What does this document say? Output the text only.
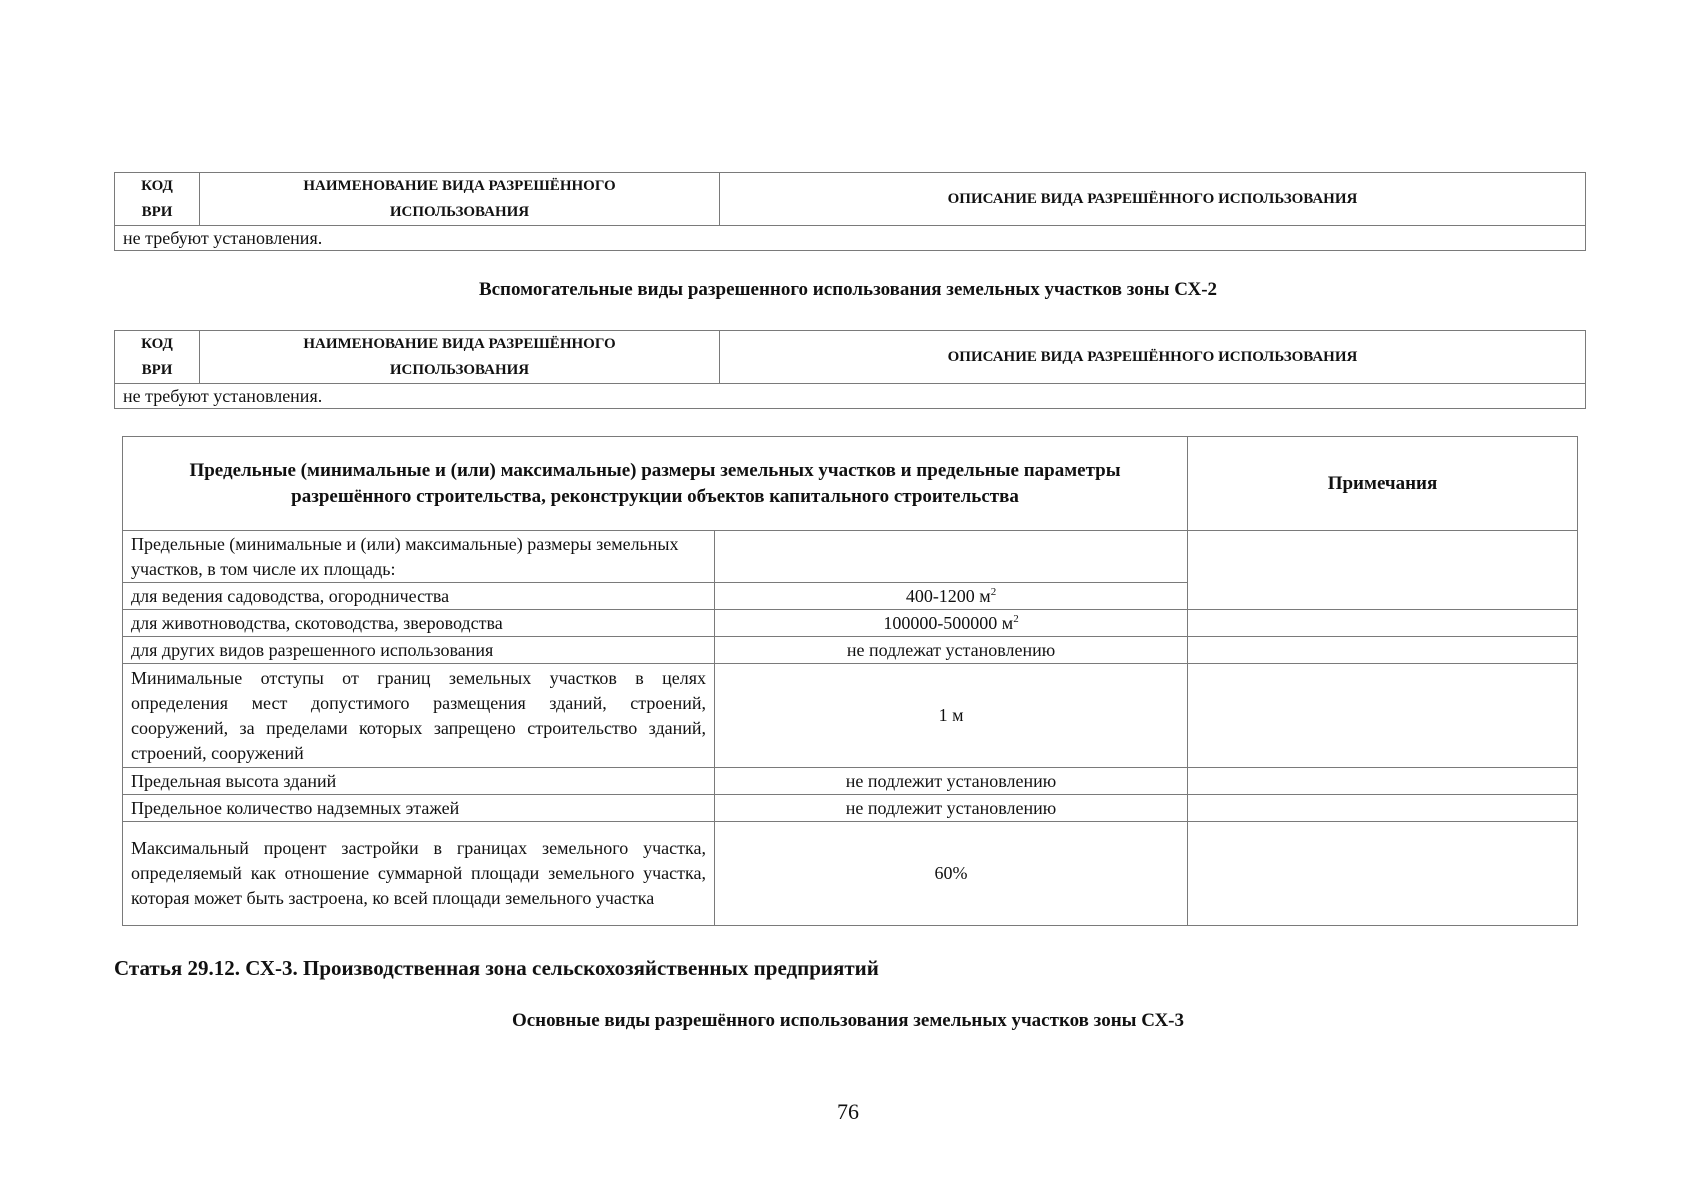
КОД ВРИ	НАИМЕНОВАНИЕ ВИДА РАЗРЕШЁННОГО ИСПОЛЬЗОВАНИЯ	ОПИСАНИЕ ВИДА РАЗРЕШЁННОГО ИСПОЛЬЗОВАНИЯ
не требуют установления.
Вспомогательные виды разрешенного использования земельных участков зоны СХ-2
КОД ВРИ	НАИМЕНОВАНИЕ ВИДА РАЗРЕШЁННОГО ИСПОЛЬЗОВАНИЯ	ОПИСАНИЕ ВИДА РАЗРЕШЁННОГО ИСПОЛЬЗОВАНИЯ
не требуют установления.
Предельные (минимальные и (или) максимальные) размеры земельных участков и предельные параметры разрешённого строительства, реконструкции объектов капитального строительства		Примечания
Предельные (минимальные и (или) максимальные) размеры земельных участков, в том числе их площадь:		
для ведения садоводства, огородничества	400-1200 $м^2$
для животноводства, скотоводства, звероводства	100000-500000 $м^2$	
для других видов разрешенного использования	не подлежат установлению	
Минимальные отступы от границ земельных участков в целях определения мест допустимого размещения зданий, строений, сооружений, за пределами которых запрещено строительство зданий, строений, сооружений	1 м	
Предельная высота зданий	не подлежит установлению	
Предельное количество надземных этажей	не подлежит установлению	
Максимальный процент застройки в границах земельного участка, определяемый как отношение суммарной площади земельного участка, которая может быть застроена, ко всей площади земельного участка	60%	
Статья 29.12. СХ-3. Производственная зона сельскохозяйственных предприятий
Основные виды разрешённого использования земельных участков зоны СХ-3
76
